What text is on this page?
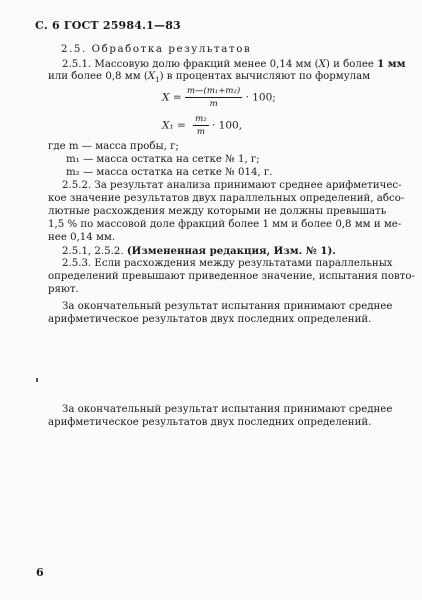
С. 6 ГОСТ 25984.1—83
2.5. Обработка результатов
2.5.1. Массовую долю фракций менее 0,14 мм (X) и более 1 мм
или более 0,8 мм $(X_1)$ в процентах вычисляют по формулам
$X = \frac{\text{m—(m₁+m₂)}}{m} \cdot 100$;
$X_1 = \frac{\text{m₂}}{m} \cdot 100$,
где m — масса пробы, г;
m₁ — масса остатка на сетке № 1, г;
m₂ — масса остатка на сетке № 014, г.
2.5.2. За результат анализа принимают среднее арифметичес-
кое значение результатов двух параллельных определений, абсо-
лютные расхождения между которыми не должны превышать
1,5 % по массовой доле фракций более 1 мм и более 0,8 мм и ме-
нее 0,14 мм.
2.5.1, 2.5.2. (Измененная редакция, Изм. № 1).
2.5.3. Если расхождения между результатами параллельных
определений превышают приведенное значение, испытания повто-
ряют.
За окончательный результат испытания принимают среднее
арифметическое результатов двух последних определений.
За окончательный результат испытания принимают среднее
арифметическое результатов двух последних определений.
6
